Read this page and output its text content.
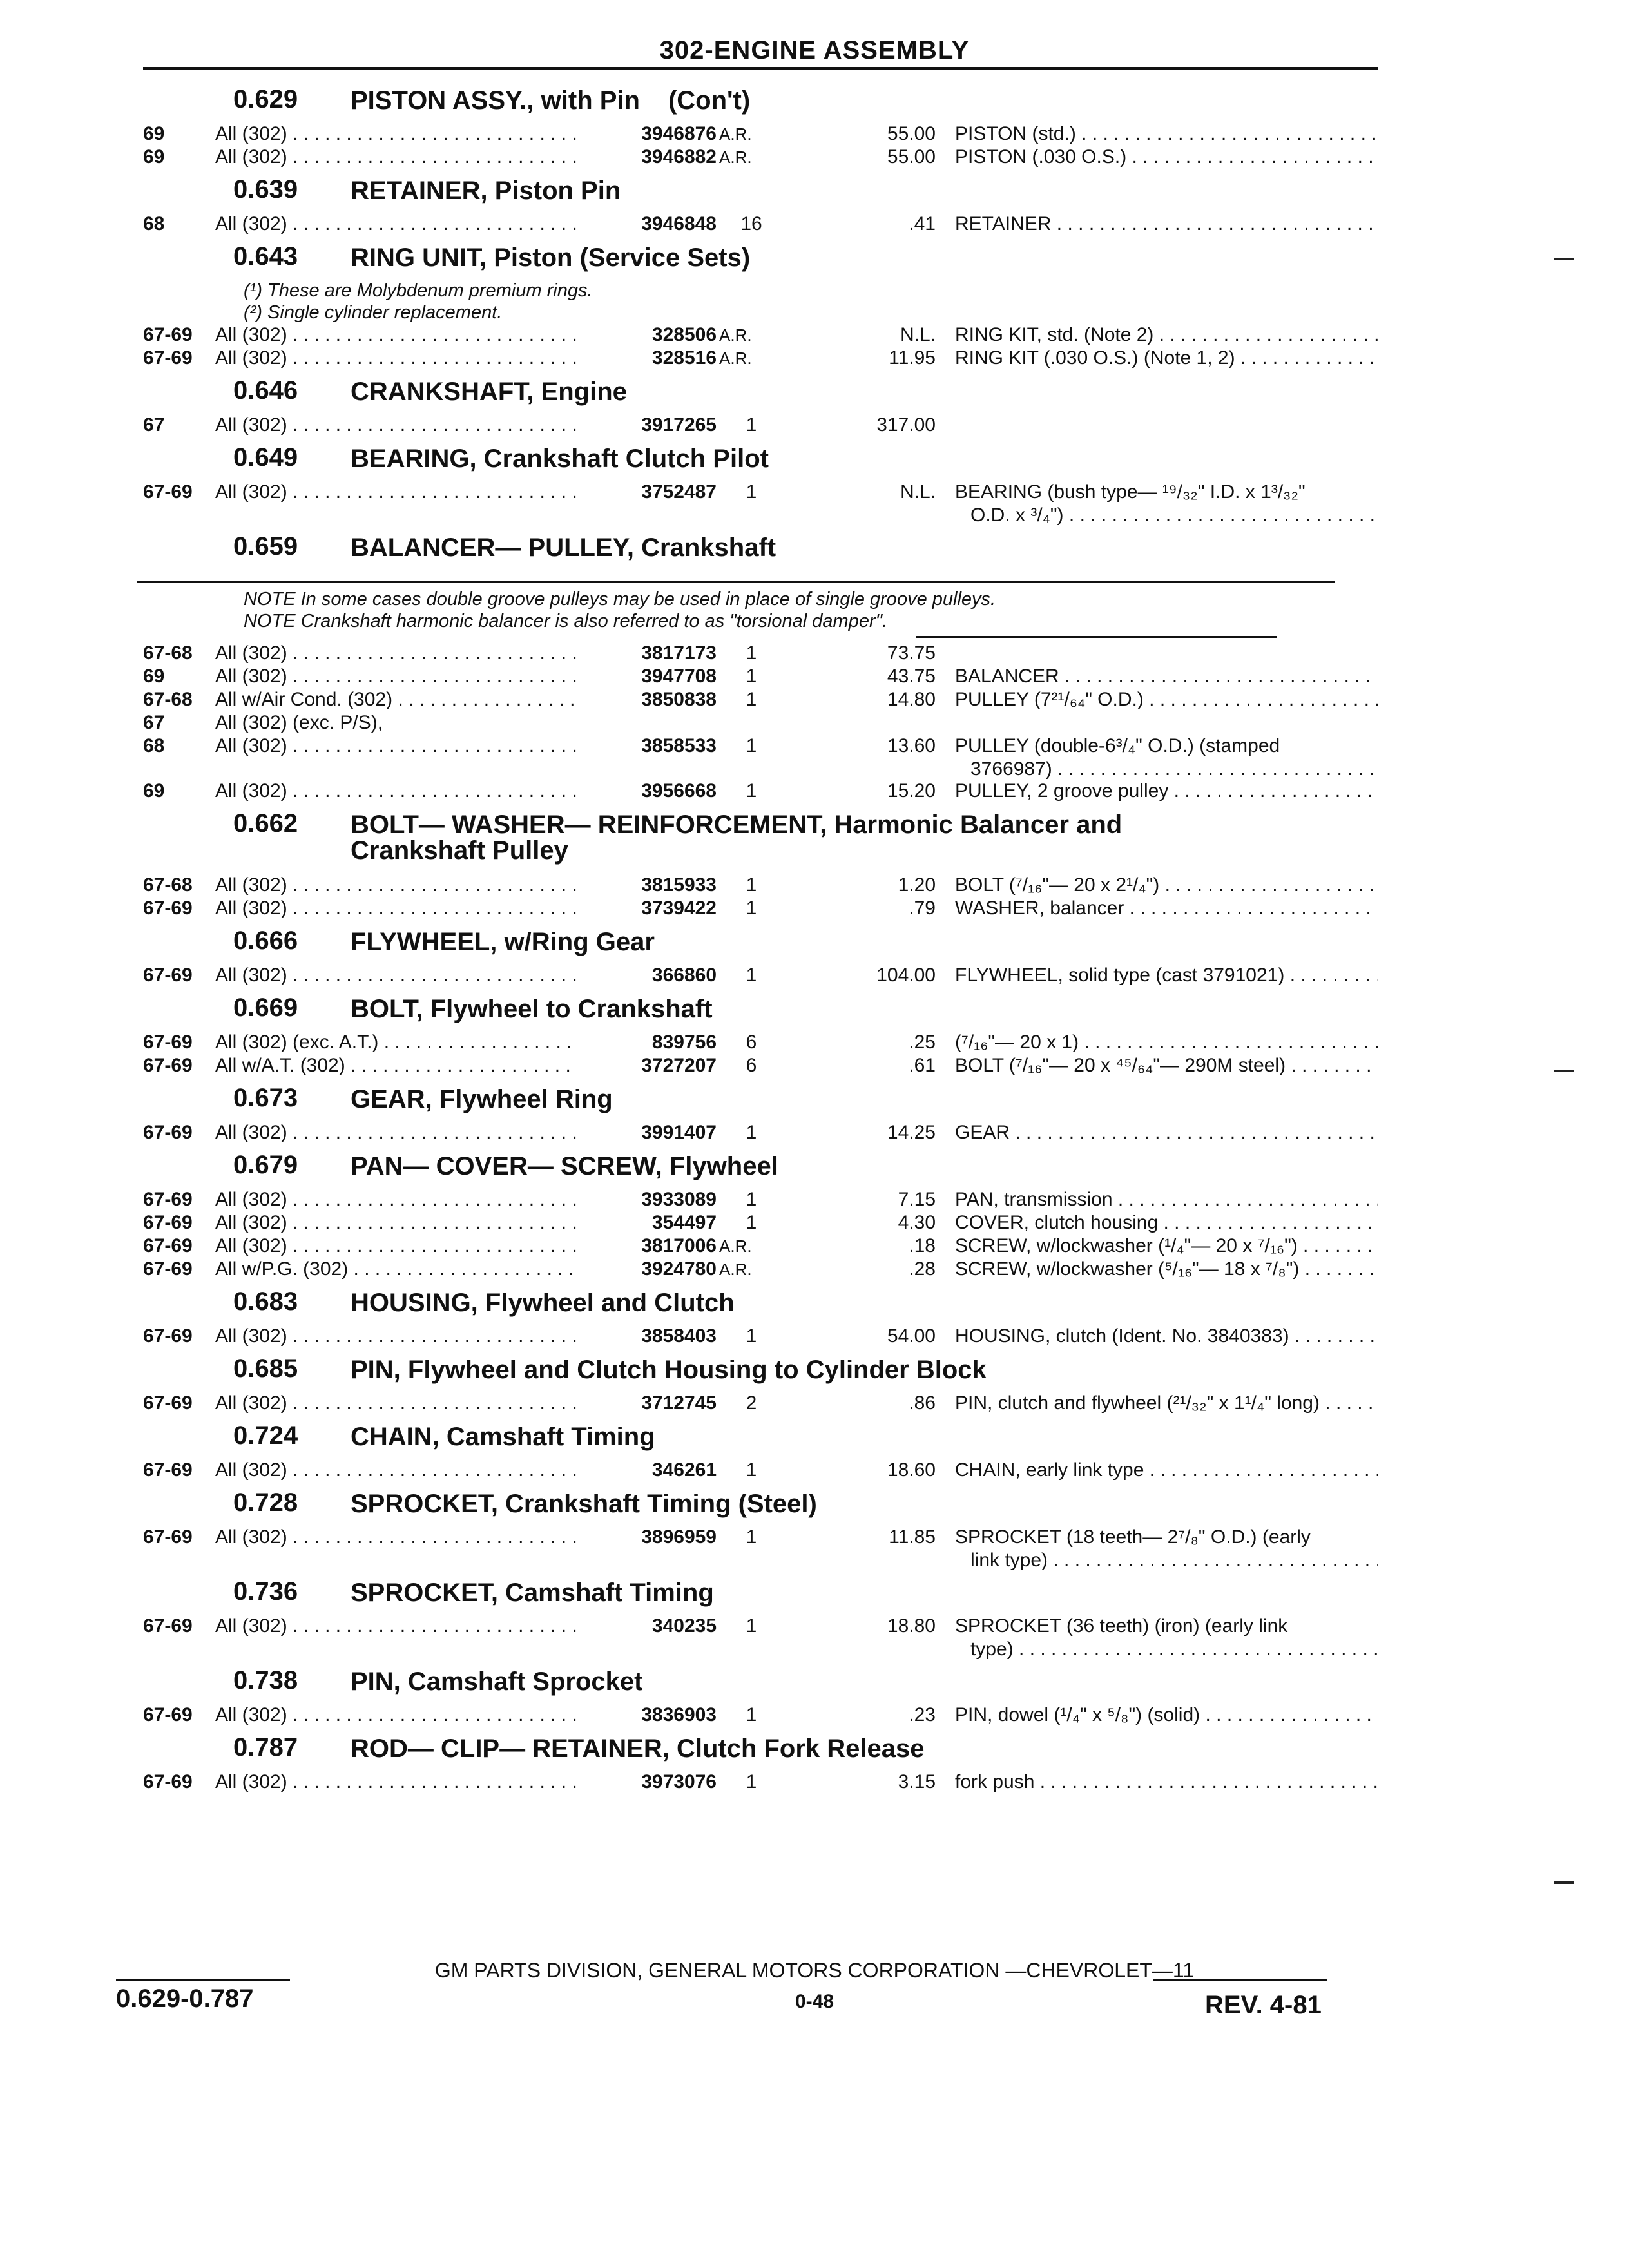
302-ENGINE ASSEMBLY
0.629 PISTON ASSY., with Pin (Con't)
69	All (302) . . .	3946876 A.R.	55.00 PISTON (std.) . . .
69	All (302) . . .	3946882 A.R.	55.00 PISTON (.030 O.S.) . . .
0.639 RETAINER, Piston Pin
68	All (302) . . .	3946848	16	.41 RETAINER . . .
0.643 RING UNIT, Piston (Service Sets)
(¹) These are Molybdenum premium rings.
(²) Single cylinder replacement.
67-69 All (302) . . .	328506 A.R.	N.L. RING KIT, std. (Note 2) . . .
67-69 All (302) . . .	328516 A.R.	11.95 RING KIT (.030 O.S.) (Note 1, 2) . . .
0.646 CRANKSHAFT, Engine
67	All (302) . . .	3917265	1	317.00
0.649 BEARING, Crankshaft Clutch Pilot
67-69 All (302) . . .	3752487	1	N.L. BEARING (bush type— ¹⁹/₃₂" I.D. x 1³/₃₂"
O.D. x ³/₄") . . .
0.659 BALANCER— PULLEY, Crankshaft
NOTE In some cases double groove pulleys may be used in place of single groove pulleys.
NOTE Crankshaft harmonic balancer is also referred to as "torsional damper".
67-68 All (302) . . .	3817173	1	73.75
69	All (302) . . .	3947708	1	43.75 BALANCER . . .
67-68 All w/Air Cond. (302) . . .	3850838	1	14.80 PULLEY (7²¹/₆₄" O.D.) . . .
67	All (302) (exc. P/S),
68	All (302) . . .	3858533	1	13.60 PULLEY (double-6³/₄" O.D.) (stamped
3766987) . . .
69	All (302) . . .	3956668	1	15.20 PULLEY, 2 groove pulley . . .
0.662 BOLT— WASHER— REINFORCEMENT, Harmonic Balancer and
Crankshaft Pulley
67-68 All (302) . . .	3815933	1	1.20 BOLT (⁷/₁₆"— 20 x 2¹/₄") . . .
67-69 All (302) . . .	3739422	1	.79 WASHER, balancer . . .
0.666 FLYWHEEL, w/Ring Gear
67-69 All (302) . . .	366860	1	104.00 FLYWHEEL, solid type (cast 3791021) . . .
0.669 BOLT, Flywheel to Crankshaft
67-69 All (302) (exc. A.T.) . . .	839756	6	.25 (⁷/₁₆"— 20 x 1) . . .
67-69 All w/A.T. (302) . . .	3727207	6	.61 BOLT (⁷/₁₆"— 20 x ⁴⁵/₆₄"— 290M steel) . . .
0.673 GEAR, Flywheel Ring
67-69 All (302) . . .	3991407	1	14.25 GEAR . . .
0.679 PAN— COVER— SCREW, Flywheel
67-69 All (302) . . .	3933089	1	7.15 PAN, transmission . . .
67-69 All (302) . . .	354497	1	4.30 COVER, clutch housing . . .
67-69 All (302) . . .	3817006 A.R.	.18 SCREW, w/lockwasher (¹/₄"— 20 x ⁷/₁₆") . . .
67-69 All w/P.G. (302) . . .	3924780 A.R.	.28 SCREW, w/lockwasher (⁵/₁₆"— 18 x ⁷/₈") . . .
0.683 HOUSING, Flywheel and Clutch
67-69 All (302) . . .	3858403	1	54.00 HOUSING, clutch (Ident. No. 3840383) . . .
0.685 PIN, Flywheel and Clutch Housing to Cylinder Block
67-69 All (302) . . .	3712745	2	.86 PIN, clutch and flywheel (²¹/₃₂" x 1¹/₄" long) . . .
0.724 CHAIN, Camshaft Timing
67-69 All (302) . . .	346261	1	18.60 CHAIN, early link type . . .
0.728 SPROCKET, Crankshaft Timing (Steel)
67-69 All (302) . . .	3896959	1	11.85 SPROCKET (18 teeth— 2⁷/₈" O.D.) (early
link type) . . .
0.736 SPROCKET, Camshaft Timing
67-69 All (302) . . .	340235	1	18.80 SPROCKET (36 teeth) (iron) (early link
type) . . .
0.738 PIN, Camshaft Sprocket
67-69 All (302) . . .	3836903	1	.23 PIN, dowel (¹/₄" x ⁵/₈") (solid) . . .
0.787 ROD— CLIP— RETAINER, Clutch Fork Release
67-69 All (302) . . .	3973076	1	3.15 fork push . . .
GM PARTS DIVISION, GENERAL MOTORS CORPORATION —CHEVROLET—11
0.629-0.787	0-48	REV. 4-81
